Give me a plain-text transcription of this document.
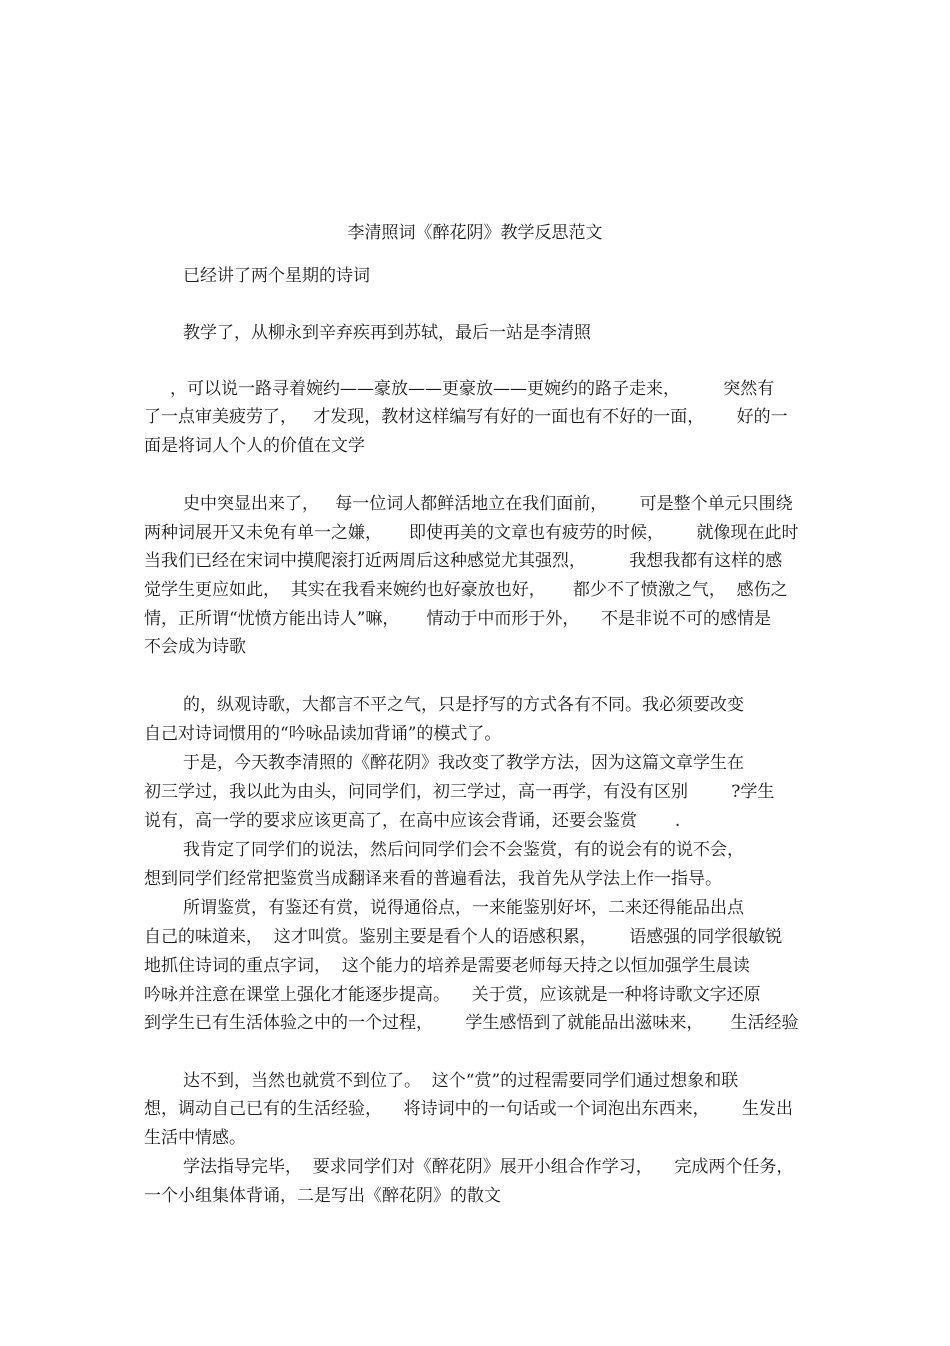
李清照词《醉花阴》教学反思范文
已经讲了两个星期的诗词
教学了，从柳永到辛弃疾再到苏轼，最后一站是李清照
，可以说一路寻着婉约——豪放——更豪放——更婉约的路子走来，        突然有
了一点审美疲劳了，   才发现，教材这样编写有好的一面也有不好的一面，      好的一
面是将词人个人的价值在文学
史中突显出来了，   每一位词人都鲜活地立在我们面前，      可是整个单元只围绕
两种词展开又未免有单一之嫌，     即使再美的文章也有疲劳的时候，      就像现在此时
当我们已经在宋词中摸爬滚打近两周后这种感觉尤其强烈，        我想我都有这样的感
觉学生更应如此，  其实在我看来婉约也好豪放也好，     都少不了愤激之气，  感伤之
情，正所谓“忧愤方能出诗人”嘛，     情动于中而形于外，    不是非说不可的感情是
不会成为诗歌
的，纵观诗歌，大都言不平之气，只是抒写的方式各有不同。我必须要改变
自己对诗词惯用的“吟咏品读加背诵”的模式了。
于是，今天教李清照的《醉花阴》我改变了教学方法，因为这篇文章学生在
初三学过，我以此为由头，问同学们，初三学过，高一再学，有没有区别        ?学生
说有，高一学的要求应该更高了，在高中应该会背诵，还要会鉴赏       .
我肯定了同学们的说法，然后问同学们会不会鉴赏，有的说会有的说不会，
想到同学们经常把鉴赏当成翻译来看的普遍看法，我首先从学法上作一指导。
所谓鉴赏，有鉴还有赏，说得通俗点，一来能鉴别好坏，二来还得能品出点
自己的味道来，  这才叫赏。鉴别主要是看个人的语感积累，      语感强的同学很敏锐
地抓住诗词的重点字词，  这个能力的培养是需要老师每天持之以恒加强学生晨读
吟咏并注意在课堂上强化才能逐步提高。    关于赏，应该就是一种将诗歌文字还原
到学生已有生活体验之中的一个过程，      学生感悟到了就能品出滋味来，     生活经验
达不到，当然也就赏不到位了。  这个“赏”的过程需要同学们通过想象和联
想，调动自己已有的生活经验，    将诗词中的一句话或一个词泡出东西来，      生发出
生活中情感。
学法指导完毕，  要求同学们对《醉花阴》展开小组合作学习，    完成两个任务，
一个小组集体背诵，二是写出《醉花阴》的散文
